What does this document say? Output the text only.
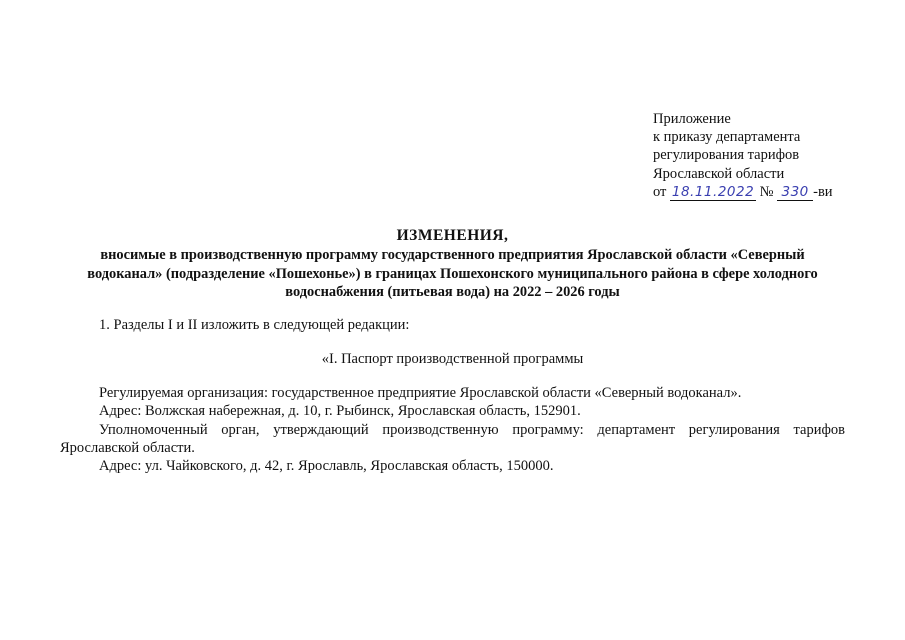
Приложение
к приказу департамента
регулирования тарифов
Ярославской области
от 18.11.2022 № 330 -ви
ИЗМЕНЕНИЯ,
вносимые в производственную программу государственного предприятия Ярославской области «Северный
водоканал» (подразделение «Пошехонье») в границах Пошехонского муниципального района в сфере холодного
водоснабжения (питьевая вода) на 2022 – 2026 годы
1. Разделы I и II изложить в следующей редакции:
«I. Паспорт производственной программы
Регулируемая организация: государственное предприятие Ярославской области «Северный водоканал».
Адрес: Волжская набережная, д. 10, г. Рыбинск, Ярославская область, 152901.
Уполномоченный орган, утверждающий производственную программу: департамент регулирования тарифов
Ярославской области.
Адрес: ул. Чайковского, д. 42, г. Ярославль, Ярославская область, 150000.
